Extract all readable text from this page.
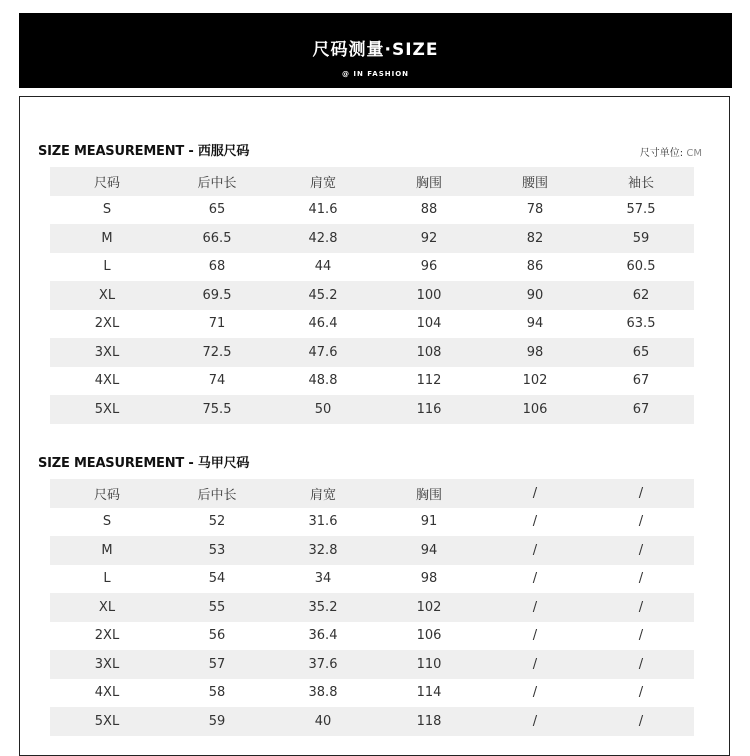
尺码测量·SIZE
@ IN FASHION
SIZE MEASUREMENT - 西服尺码	尺寸单位: CM
尺码	后中长	肩宽	胸围	腰围	袖长
S	65	41.6	88	78	57.5
M	66.5	42.8	92	82	59
L	68	44	96	86	60.5
XL	69.5	45.2	100	90	62
2XL	71	46.4	104	94	63.5
3XL	72.5	47.6	108	98	65
4XL	74	48.8	112	102	67
5XL	75.5	50	116	106	67
SIZE MEASUREMENT - 马甲尺码
尺码	后中长	肩宽	胸围	/	/
S	52	31.6	91	/	/
M	53	32.8	94	/	/
L	54	34	98	/	/
XL	55	35.2	102	/	/
2XL	56	36.4	106	/	/
3XL	57	37.6	110	/	/
4XL	58	38.8	114	/	/
5XL	59	40	118	/	/
